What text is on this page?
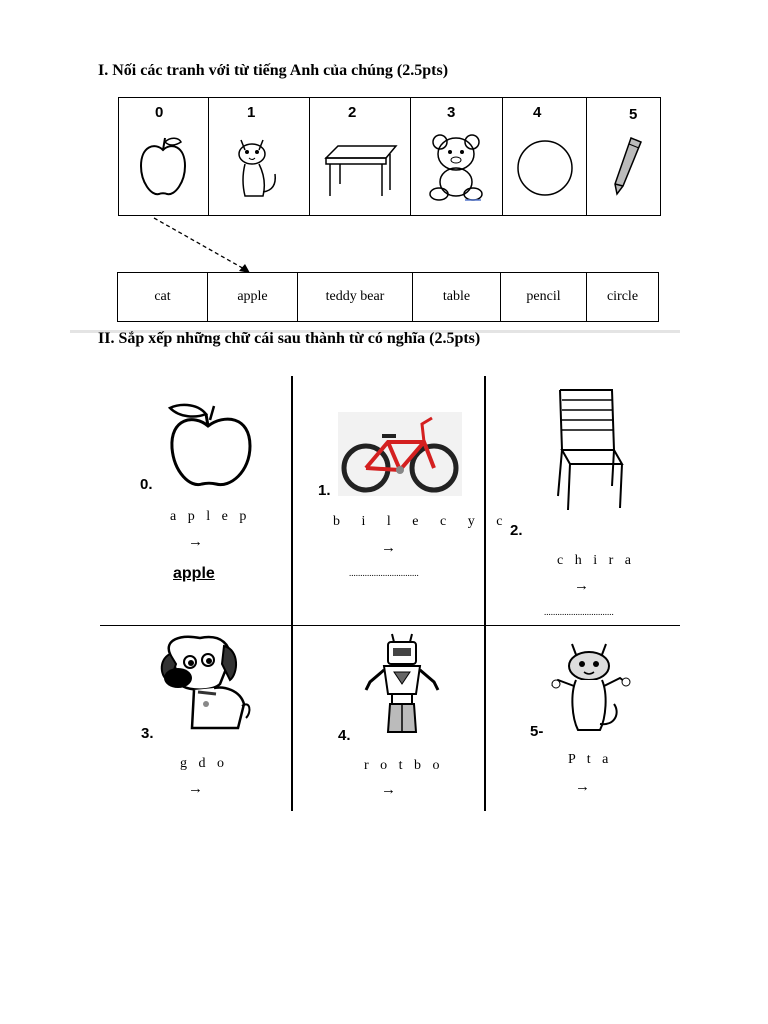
I. Nối các tranh với từ tiếng Anh của chúng (2.5pts)
0	1	2	3	4	5
cat	apple	teddy bear	table	pencil	circle
II. Sắp xếp những chữ cái sau thành từ có nghĩa (2.5pts)
0.
a p l e p
→
apple
1.
b i l e c y c
→
...............................
2.
c h i r a
→
...............................
3.
g d o
→
4.
r o t b o
→
5-
P t a
→
